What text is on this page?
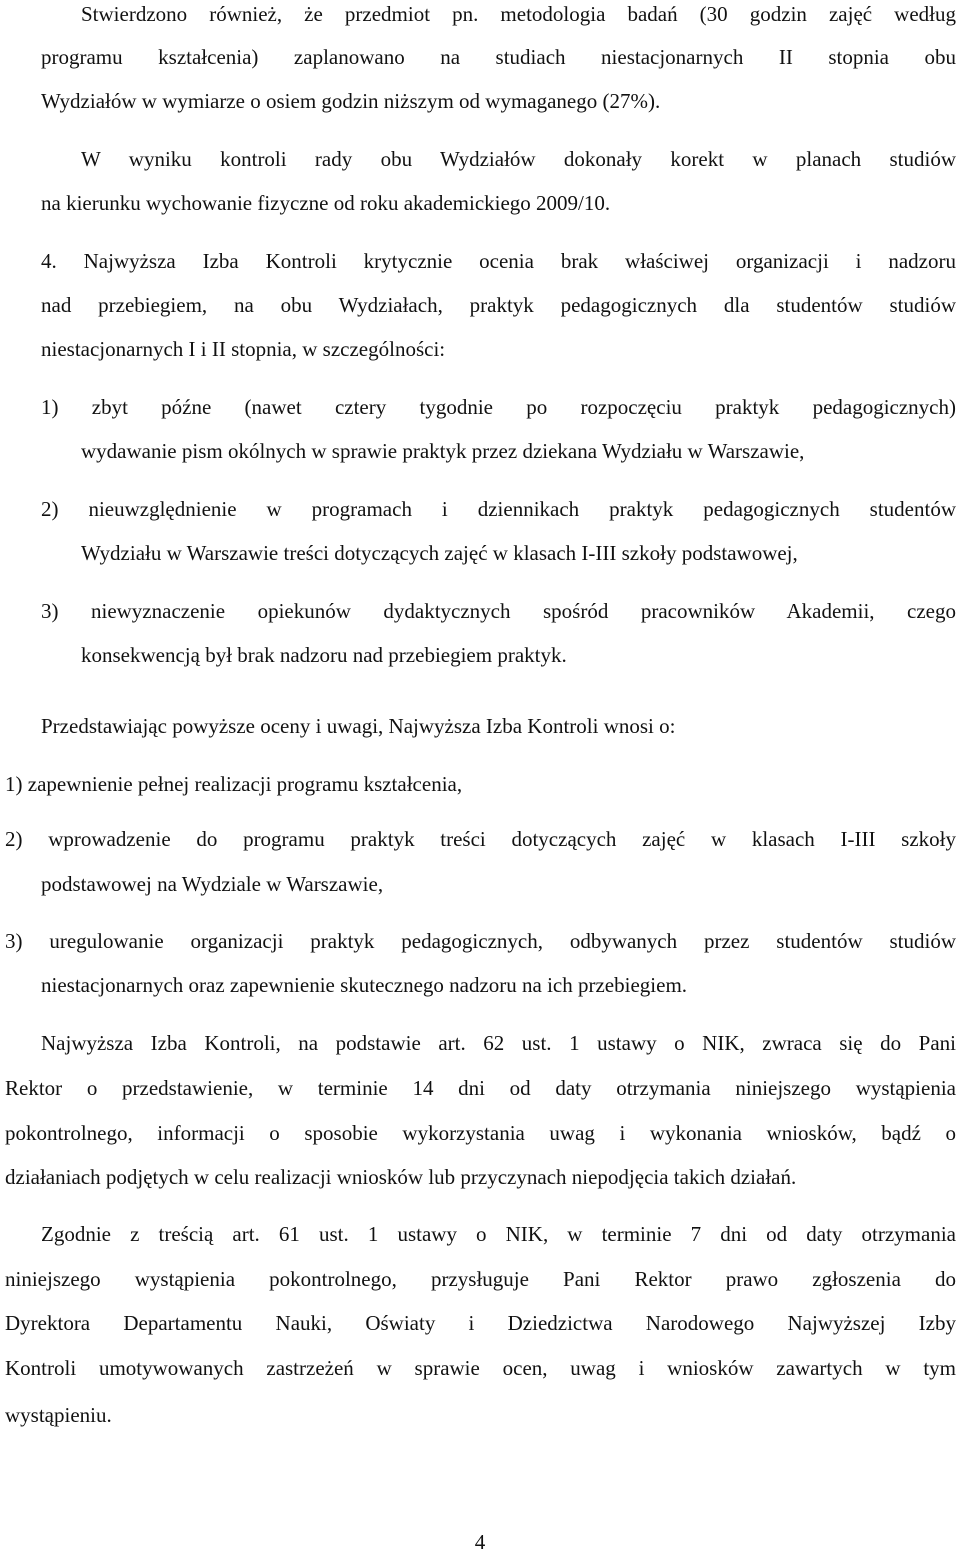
Stwierdzono również, że przedmiot pn. metodologia badań (30 godzin zajęć według
programu kształcenia) zaplanowano na studiach niestacjonarnych II stopnia obu
Wydziałów w wymiarze o osiem godzin niższym od wymaganego (27%).
W wyniku kontroli rady obu Wydziałów dokonały korekt w planach studiów
na kierunku wychowanie fizyczne od roku akademickiego 2009/10.
4. Najwyższa Izba Kontroli krytycznie ocenia brak właściwej organizacji i nadzoru
nad przebiegiem, na obu Wydziałach, praktyk pedagogicznych dla studentów studiów
niestacjonarnych I i II stopnia, w szczególności:
1) zbyt późne (nawet cztery tygodnie po rozpoczęciu praktyk pedagogicznych)
wydawanie pism okólnych w sprawie praktyk przez dziekana Wydziału w Warszawie,
2) nieuwzględnienie w programach i dziennikach praktyk pedagogicznych studentów
Wydziału w Warszawie treści dotyczących zajęć w klasach I-III szkoły podstawowej,
3) niewyznaczenie opiekunów dydaktycznych spośród pracowników Akademii, czego
konsekwencją był brak nadzoru nad przebiegiem praktyk.
Przedstawiając powyższe oceny i uwagi, Najwyższa Izba Kontroli wnosi o:
1) zapewnienie pełnej realizacji programu kształcenia,
2) wprowadzenie do programu praktyk treści dotyczących zajęć w klasach I-III szkoły
podstawowej na Wydziale w Warszawie,
3) uregulowanie organizacji praktyk pedagogicznych, odbywanych przez studentów studiów
niestacjonarnych oraz zapewnienie skutecznego nadzoru na ich przebiegiem.
Najwyższa Izba Kontroli, na podstawie art. 62 ust. 1 ustawy o NIK, zwraca się do Pani
Rektor o przedstawienie, w terminie 14 dni od daty otrzymania niniejszego wystąpienia
pokontrolnego, informacji o sposobie wykorzystania uwag i wykonania wniosków, bądź o
działaniach podjętych w celu realizacji wniosków lub przyczynach niepodjęcia takich działań.
Zgodnie z treścią art. 61 ust. 1 ustawy o NIK, w terminie 7 dni od daty otrzymania
niniejszego wystąpienia pokontrolnego, przysługuje Pani Rektor prawo zgłoszenia do
Dyrektora Departamentu Nauki, Oświaty i Dziedzictwa Narodowego Najwyższej Izby
Kontroli umotywowanych zastrzeżeń w sprawie ocen, uwag i wniosków zawartych w tym
wystąpieniu.
4
